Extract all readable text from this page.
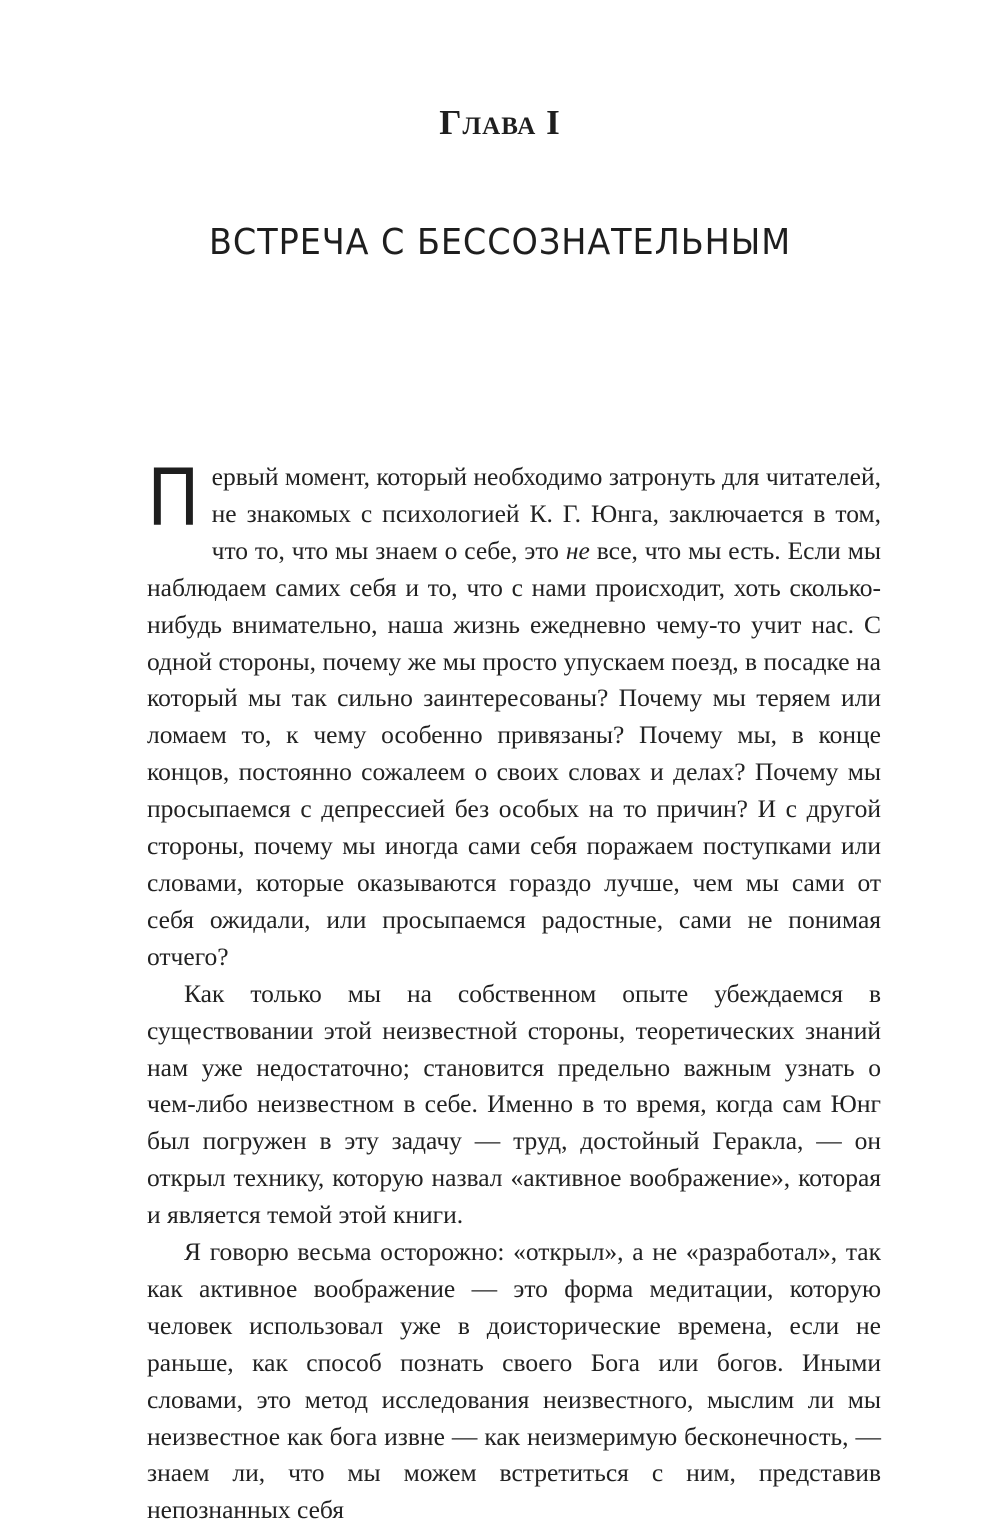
Глава I
ВСТРЕЧА С БЕССОЗНАТЕЛЬНЫМ

Первый момент, который необходимо затронуть для читателей, не знакомых с психологией К. Г. Юнга, заключается в том, что то, что мы знаем о себе, это не все, что мы есть. Если мы наблюдаем самих себя и то, что с нами происходит, хоть сколько-нибудь внимательно, наша жизнь ежедневно чему-то учит нас. С одной стороны, почему же мы просто упускаем поезд, в посадке на который мы так сильно заинтересованы? Почему мы теряем или ломаем то, к чему особенно привязаны? Почему мы, в конце концов, постоянно сожалеем о своих словах и делах? Почему мы просыпаемся с депрессией без особых на то причин? И с другой стороны, почему мы иногда сами себя поражаем поступками или словами, которые оказываются гораздо лучше, чем мы сами от себя ожидали, или просыпаемся радостные, сами не понимая отчего?

Как только мы на собственном опыте убеждаемся в существовании этой неизвестной стороны, теоретических знаний нам уже недостаточно; становится предельно важным узнать о чем-либо неизвестном в себе. Именно в то время, когда сам Юнг был погружен в эту задачу — труд, достойный Геракла, — он открыл технику, которую назвал «активное воображение», которая и является темой этой книги.

Я говорю весьма осторожно: «открыл», а не «разработал», так как активное воображение — это форма медитации, которую человек использовал уже в доисторические времена, если не раньше, как способ познать своего Бога или богов. Иными словами, это метод исследования неизвестного, мыслим ли мы неизвестное как бога извне — как неизмеримую бесконечность, — знаем ли, что мы можем встретиться с ним, представив непознанных себя
